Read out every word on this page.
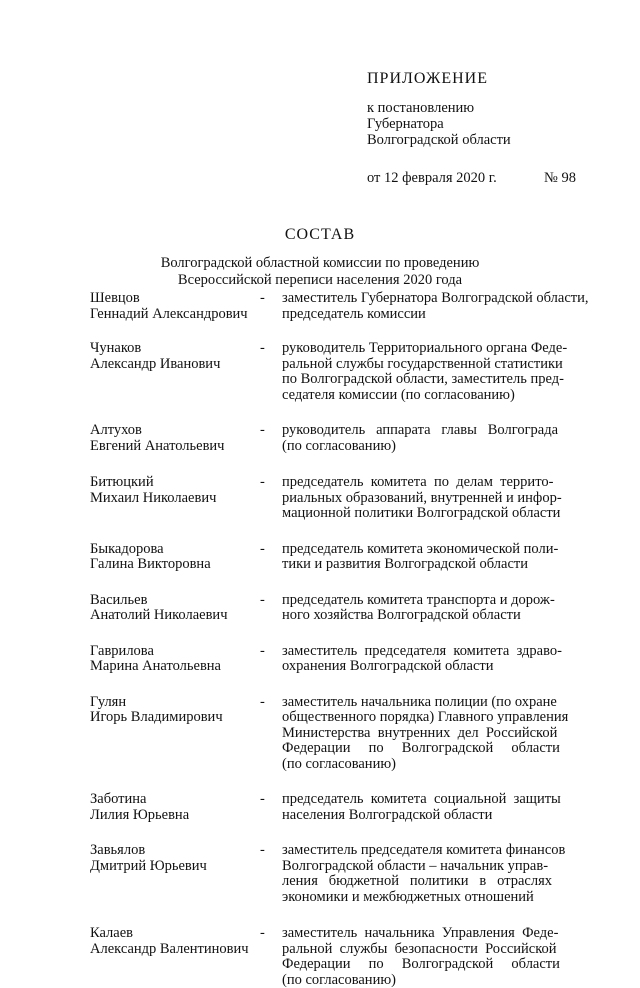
ПРИЛОЖЕНИЕ
к постановлению
Губернатора
Волгоградской области
от 12 февраля 2020 г.	№ 98
СОСТАВ
Волгоградской областной комиссии по проведению
Всероссийской переписи населения 2020 года
Шевцов
Геннадий Александрович
-	заместитель Губернатора Волгоградской области,
председатель комиссии
Чунаков
Александр Иванович
-	руководитель Территориального органа Феде-
ральной службы государственной статистики
по Волгоградской области, заместитель пред-
седателя комиссии (по согласованию)
Алтухов
Евгений Анатольевич
-	руководитель   аппарата   главы   Волгограда
(по согласованию)
Битюцкий
Михаил Николаевич
-	председатель  комитета  по  делам  террито-
риальных образований, внутренней и инфор-
мационной политики Волгоградской области
Быкадорова
Галина Викторовна
-	председатель комитета экономической поли-
тики и развития Волгоградской области
Васильев
Анатолий Николаевич
-	председатель комитета транспорта и дорож-
ного хозяйства Волгоградской области
Гаврилова
Марина Анатольевна
-	заместитель  председателя  комитета  здраво-
охранения Волгоградской области
Гулян
Игорь Владимирович
-	заместитель начальника полиции (по охране
общественного порядка) Главного управления
Министерства  внутренних  дел  Российской
Федерации     по     Волгоградской     области
(по согласованию)
Заботина
Лилия Юрьевна
-	председатель  комитета  социальной  защиты
населения Волгоградской области
Завьялов
Дмитрий Юрьевич
-	заместитель председателя комитета финансов
Волгоградской области – начальник управ-
ления   бюджетной   политики   в   отраслях
экономики и межбюджетных отношений
Калаев
Александр Валентинович
-	заместитель  начальника  Управления  Феде-
ральной  службы  безопасности  Российской
Федерации     по     Волгоградской     области
(по согласованию)
